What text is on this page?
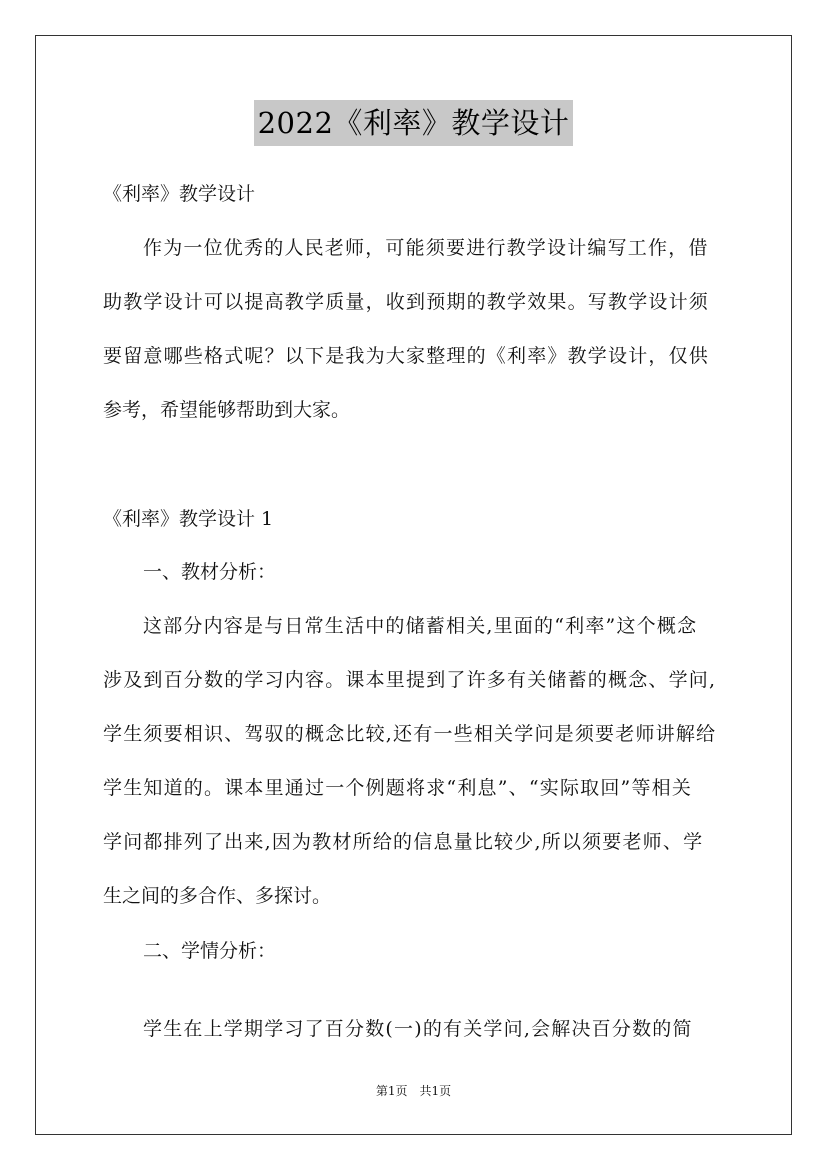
2022《利率》教学设计

《利率》教学设计

作为一位优秀的人民老师，可能须要进行教学设计编写工作，借

助教学设计可以提高教学质量，收到预期的教学效果。写教学设计须

要留意哪些格式呢？以下是我为大家整理的《利率》教学设计，仅供

参考，希望能够帮助到大家。

《利率》教学设计 1

一、教材分析：

这部分内容是与日常生活中的储蓄相关,里面的“利率”这个概念

涉及到百分数的学习内容。课本里提到了许多有关储蓄的概念、学问,

学生须要相识、驾驭的概念比较,还有一些相关学问是须要老师讲解给

学生知道的。课本里通过一个例题将求“利息”、“实际取回”等相关

学问都排列了出来,因为教材所给的信息量比较少,所以须要老师、学

生之间的多合作、多探讨。

二、学情分析：

学生在上学期学习了百分数(一)的有关学问,会解决百分数的简

第1页　共1页
